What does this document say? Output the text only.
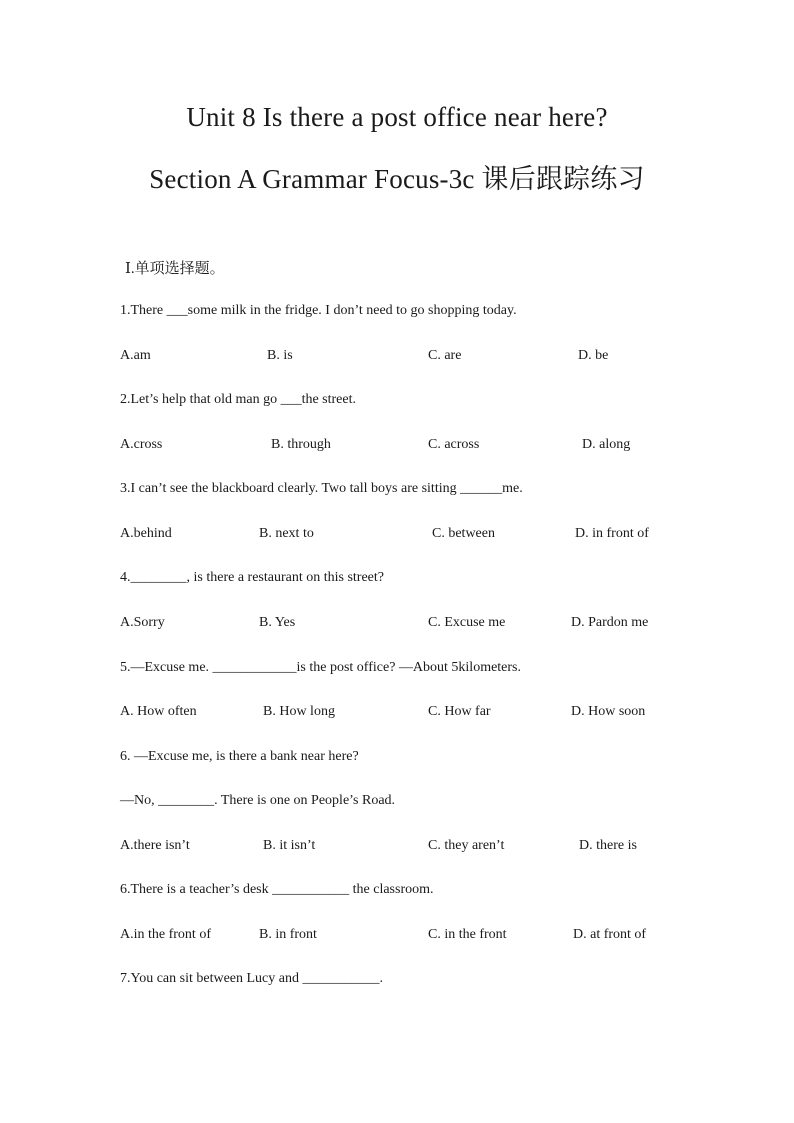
Unit 8 Is there a post office near here?
Section A Grammar Focus-3c 课后跟踪练习
Ⅰ.单项选择题。
1.There ___some milk in the fridge. I don’t need to go shopping today.
A.am	B. is	C. are	D. be
2.Let’s help that old man go ___the street.
A.cross	B. through	C. across	D. along
3.I can’t see the blackboard clearly. Two tall boys are sitting ______me.
A.behind	B. next to	C. between	D. in front of
4.________, is there a restaurant on this street?
A.Sorry	B. Yes	C. Excuse me	D. Pardon me
5.—Excuse me. ____________is the post office? —About 5kilometers.
A. How often	B. How long	C. How far	D. How soon
6. —Excuse me, is there a bank near here?
—No, ________. There is one on People’s Road.
A.there isn’t	B. it isn’t	C. they aren’t	D. there is
6.There is a teacher’s desk ___________ the classroom.
A.in the front of	B. in front	C. in the front	D. at front of
7.You can sit between Lucy and ___________.
